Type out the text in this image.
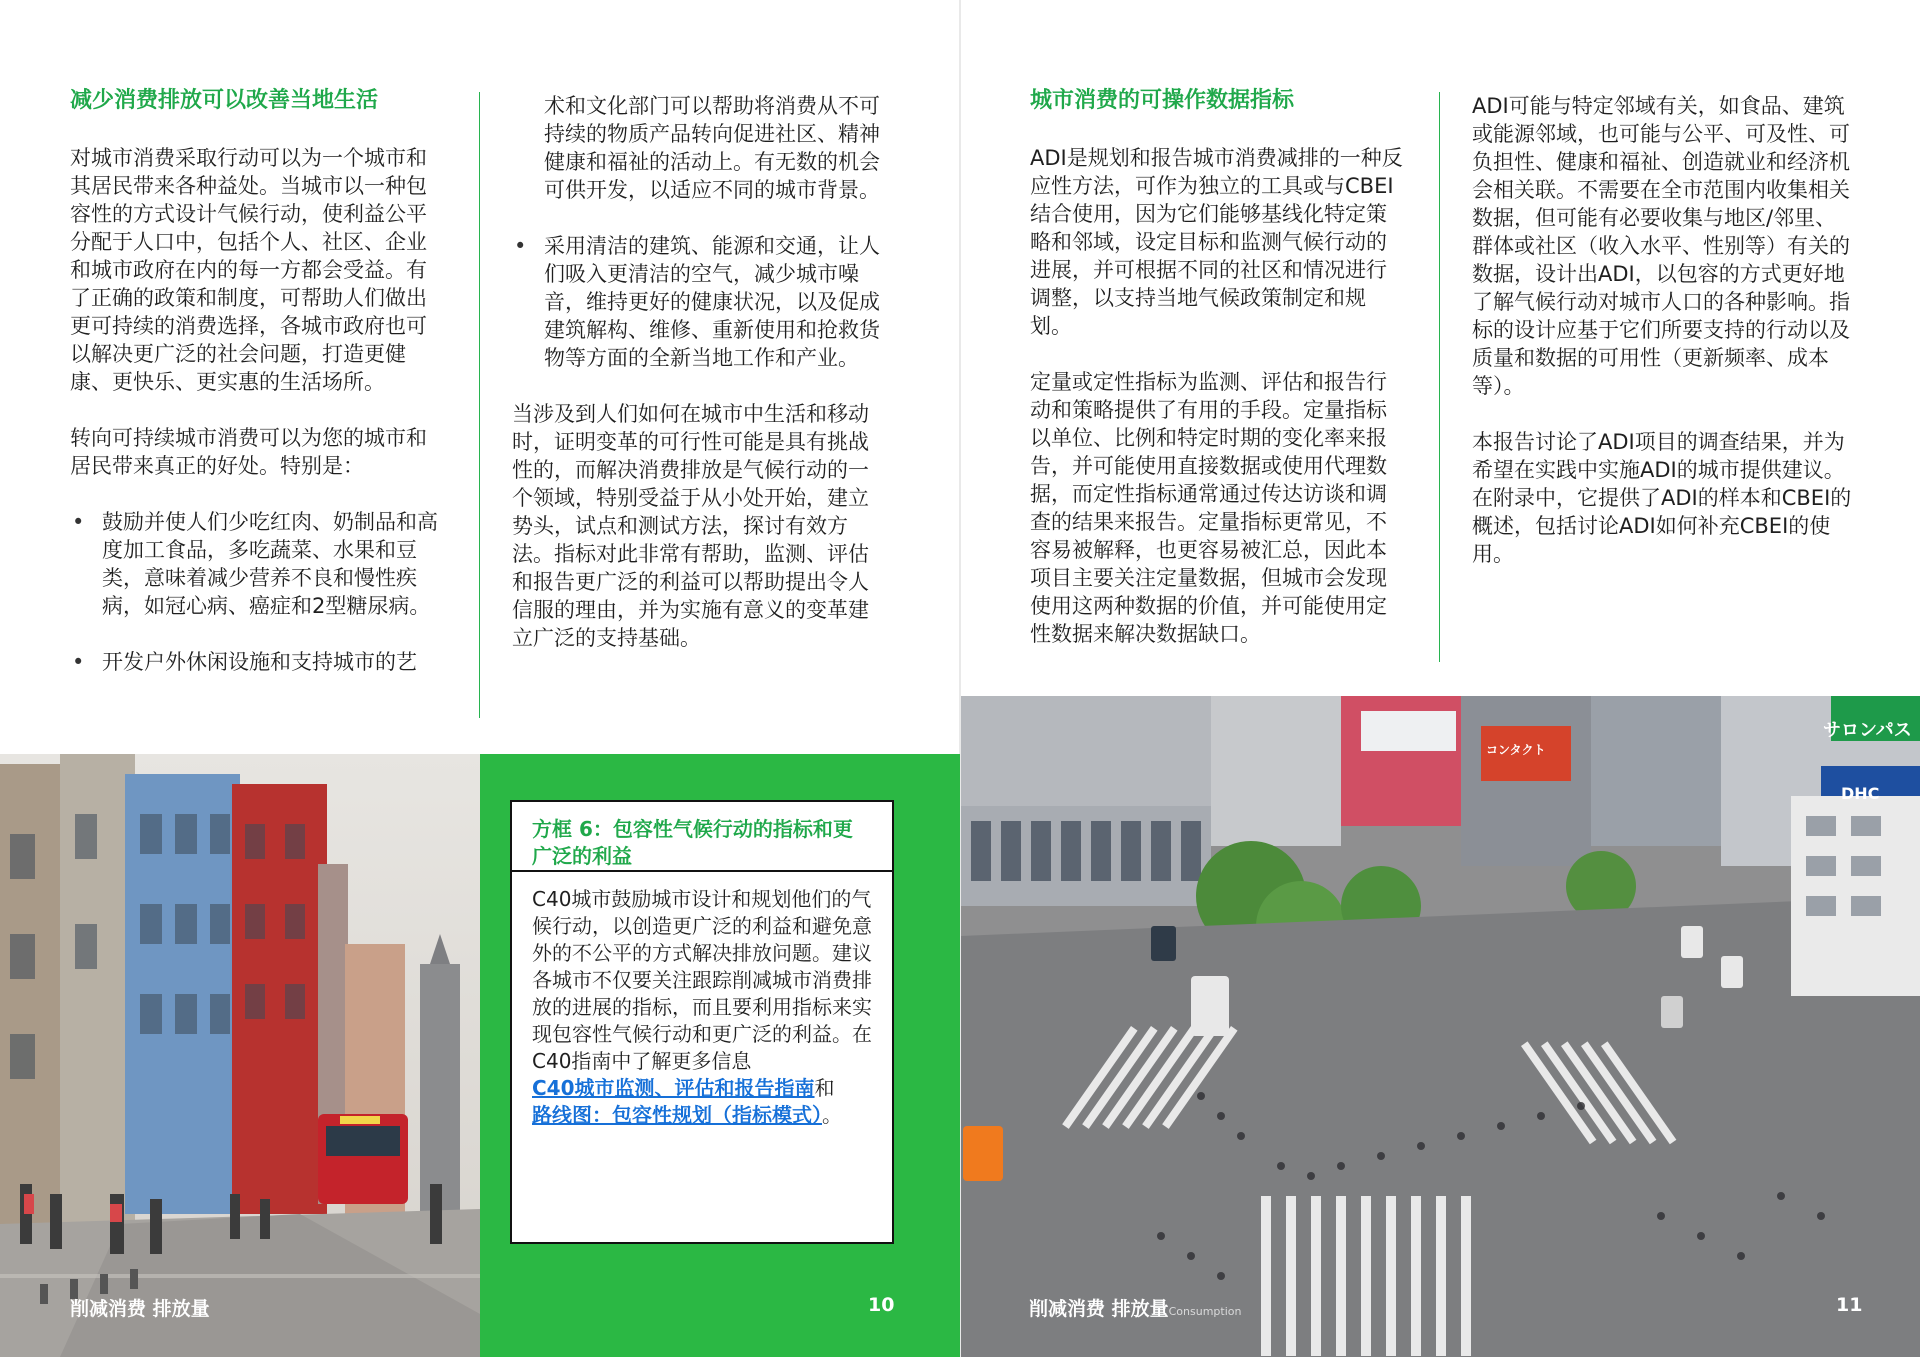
减少消费排放可以改善当地生活
对城市消费采取行动可以为一个城市和其居民带来各种益处。当城市以一种包容性的方式设计气候行动，使利益公平分配于人口中，包括个人、社区、企业和城市政府在内的每一方都会受益。有了正确的政策和制度，可帮助人们做出更可持续的消费选择，各城市政府也可以解决更广泛的社会问题，打造更健康、更快乐、更实惠的生活场所。
转向可持续城市消费可以为您的城市和居民带来真正的好处。特别是：
• 鼓励并使人们少吃红肉、奶制品和高度加工食品，多吃蔬菜、水果和豆类，意味着减少营养不良和慢性疾病，如冠心病、癌症和2型糖尿病。
• 开发户外休闲设施和支持城市的艺
术和文化部门可以帮助将消费从不可持续的物质产品转向促进社区、精神健康和福祉的活动上。有无数的机会可供开发，以适应不同的城市背景。
• 采用清洁的建筑、能源和交通，让人们吸入更清洁的空气，减少城市噪音，维持更好的健康状况，以及促成建筑解构、维修、重新使用和抢救货物等方面的全新当地工作和产业。
当涉及到人们如何在城市中生活和移动时，证明变革的可行性可能是具有挑战性的，而解决消费排放是气候行动的一个领域，特别受益于从小处开始，建立势头，试点和测试方法，探讨有效方法。指标对此非常有帮助，监测、评估和报告更广泛的利益可以帮助提出令人信服的理由，并为实施有意义的变革建立广泛的支持基础。
削减消费 排放量	10
方框 6：包容性气候行动的指标和更广泛的利益
C40城市鼓励城市设计和规划他们的气候行动，以创造更广泛的利益和避免意外的不公平的方式解决排放问题。建议各城市不仅要关注跟踪削减城市消费排放的进展的指标，而且要利用指标来实现包容性气候行动和更广泛的利益。在C40指南中了解更多信息
C40城市监测、评估和报告指南和
路线图：包容性规划（指标模式）。
城市消费的可操作数据指标
ADI是规划和报告城市消费减排的一种反应性方法，可作为独立的工具或与CBEI结合使用，因为它们能够基线化特定策略和邻域，设定目标和监测气候行动的进展，并可根据不同的社区和情况进行调整，以支持当地气候政策制定和规划。
定量或定性指标为监测、评估和报告行动和策略提供了有用的手段。定量指标以单位、比例和特定时期的变化率来报告，并可能使用直接数据或使用代理数据，而定性指标通常通过传达访谈和调查的结果来报告。定量指标更常见，不容易被解释，也更容易被汇总，因此本项目主要关注定量数据，但城市会发现使用这两种数据的价值，并可能使用定性数据来解决数据缺口。
ADI可能与特定邻域有关，如食品、建筑或能源邻域，也可能与公平、可及性、可负担性、健康和福祉、创造就业和经济机会相关联。不需要在全市范围内收集相关数据，但可能有必要收集与地区/邻里、群体或社区（收入水平、性别等）有关的数据，设计出ADI，以包容的方式更好地了解气候行动对城市人口的各种影响。指标的设计应基于它们所要支持的行动以及质量和数据的可用性（更新频率、成本等）。
本报告讨论了ADI项目的调查结果，并为希望在实践中实施ADI的城市提供建议。在附录中，它提供了ADI的样本和CBEI的概述，包括讨论ADI如何补充CBEI的使用。
サロンパス
DHC
コンタクト
削减消费 排放量Consumption	11
